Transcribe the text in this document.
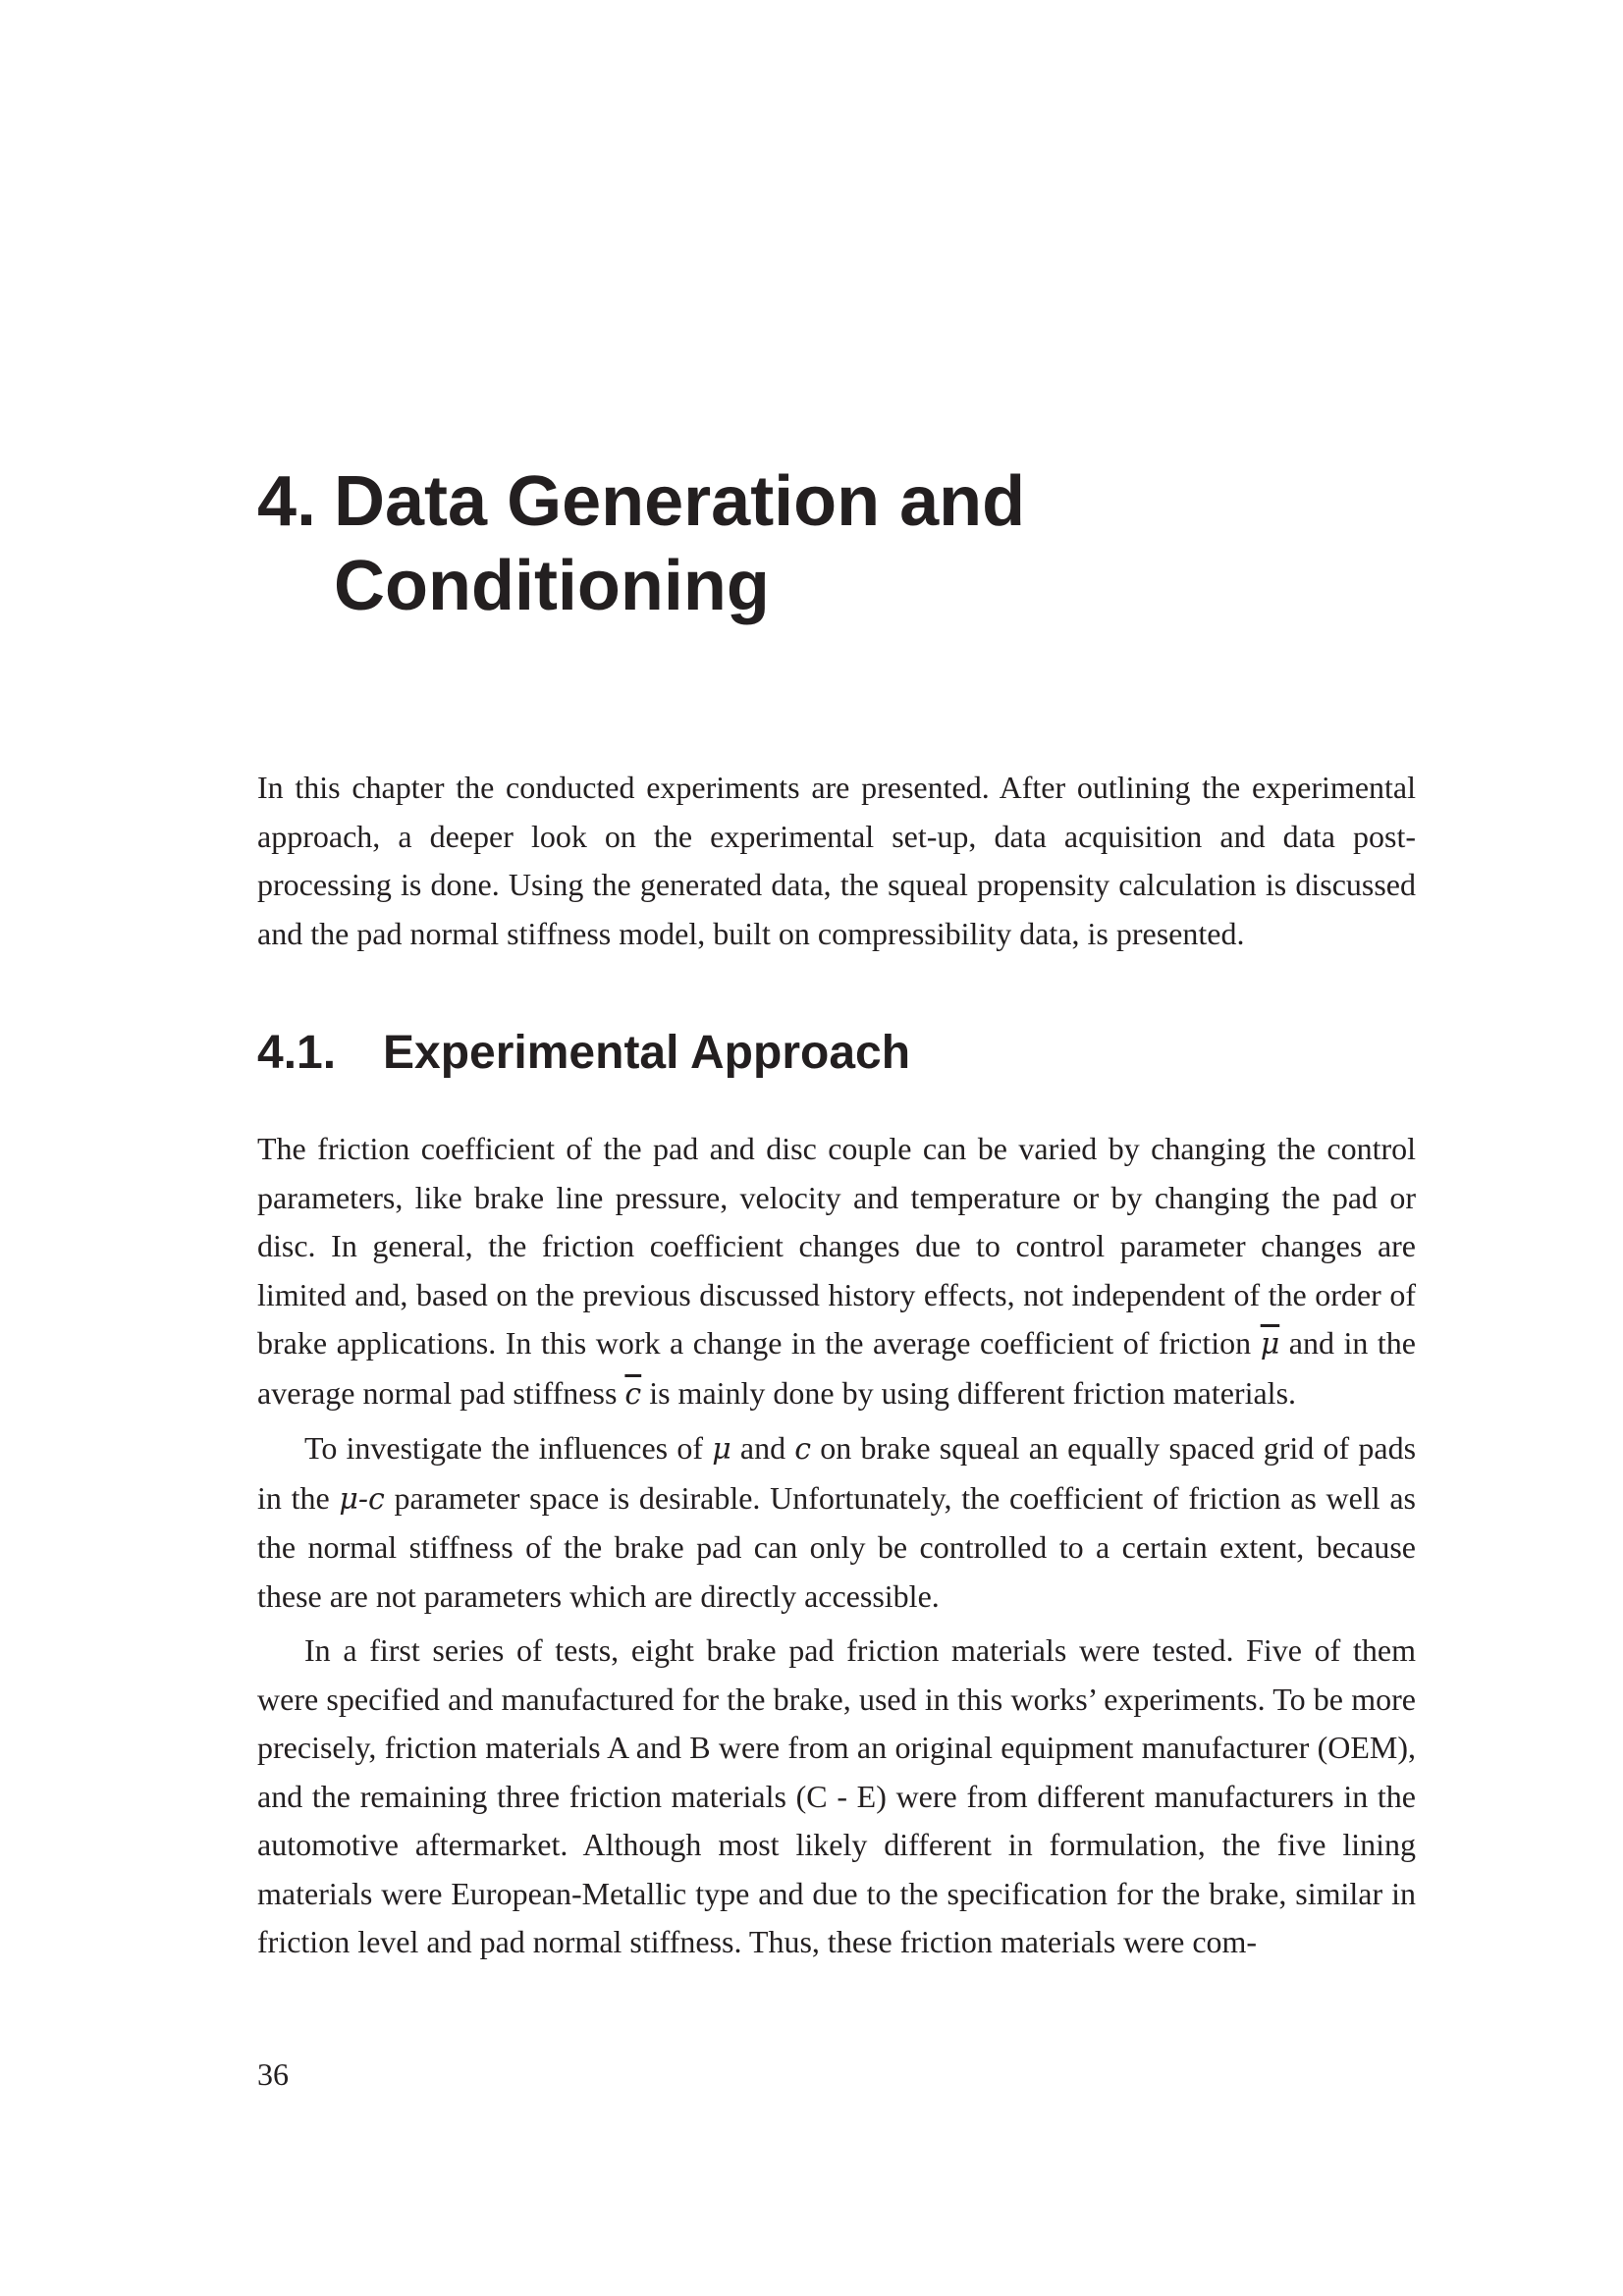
4. Data Generation and
Conditioning

In this chapter the conducted experiments are presented. After outlining the experimental approach, a deeper look on the experimental set-up, data acquisition and data postprocessing is done. Using the generated data, the squeal propensity calculation is discussed and the pad normal stiffness model, built on compressibility data, is presented.

4.1. Experimental Approach

The friction coefficient of the pad and disc couple can be varied by changing the control parameters, like brake line pressure, velocity and temperature or by changing the pad or disc. In general, the friction coefficient changes due to control parameter changes are limited and, based on the previous discussed history effects, not independent of the order of brake applications. In this work a change in the average coefficient of friction $\overline{\mu}$ and in the average normal pad stiffness $\overline{c}$ is mainly done by using different friction materials.

To investigate the influences of μ and c on brake squeal an equally spaced grid of pads in the μ-c parameter space is desirable. Unfortunately, the coefficient of friction as well as the normal stiffness of the brake pad can only be controlled to a certain extent, because these are not parameters which are directly accessible.

In a first series of tests, eight brake pad friction materials were tested. Five of them were specified and manufactured for the brake, used in this works’ experiments. To be more precisely, friction materials A and B were from an original equipment manufacturer (OEM), and the remaining three friction materials (C - E) were from different manufacturers in the automotive aftermarket. Although most likely different in formulation, the five lining materials were European-Metallic type and due to the specification for the brake, similar in friction level and pad normal stiffness. Thus, these friction materials were com-

36
